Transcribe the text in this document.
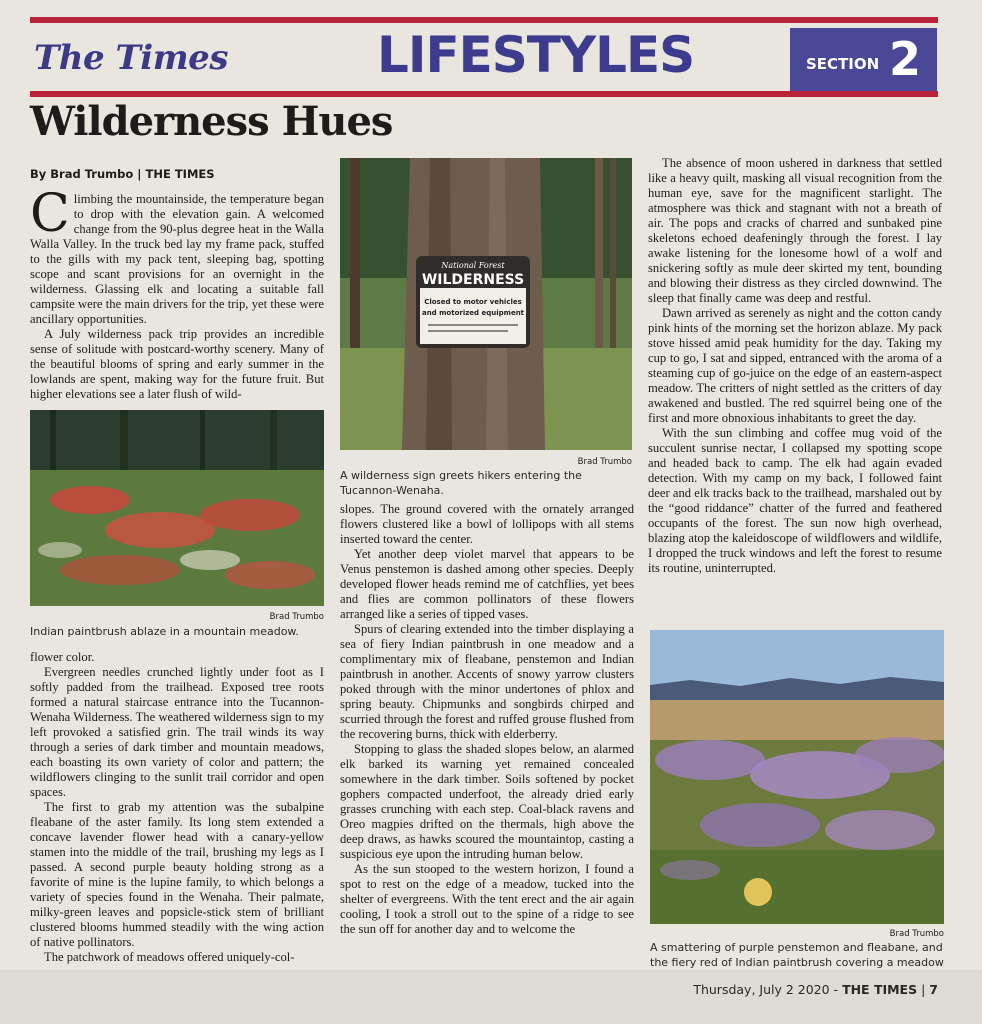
The Times	LIFESTYLES	SECTION 2
Wilderness Hues
By Brad Trumbo | THE TIMES

Climbing the mountainside, the temperature began to drop with the elevation gain. A welcomed change from the 90-plus degree heat in the Walla Walla Valley. In the truck bed lay my frame pack, stuffed to the gills with my pack tent, sleeping bag, spotting scope and scant provisions for an overnight in the wilderness. Glassing elk and locating a suitable fall campsite were the main drivers for the trip, yet these were ancillary opportunities.

A July wilderness pack trip provides an incredible sense of solitude with postcard-worthy scenery. Many of the beautiful blooms of spring and early summer in the lowlands are spent, making way for the future fruit. But higher elevations see a later flush of wild-

Brad Trumbo
Indian paintbrush ablaze in a mountain meadow.

flower color.

Evergreen needles crunched lightly under foot as I softly padded from the trailhead. Exposed tree roots formed a natural staircase entrance into the Tucannon-Wenaha Wilderness. The weathered wilderness sign to my left provoked a satisfied grin. The trail winds its way through a series of dark timber and mountain meadows, each boasting its own variety of color and pattern; the wildflowers clinging to the sunlit trail corridor and open spaces.

The first to grab my attention was the subalpine fleabane of the aster family. Its long stem extended a concave lavender flower head with a canary-yellow stamen into the middle of the trail, brushing my legs as I passed. A second purple beauty holding strong as a favorite of mine is the lupine family, to which belongs a variety of species found in the Wenaha. Their palmate, milky-green leaves and popsicle-stick stem of brilliant clustered blooms hummed steadily with the wing action of native pollinators.

The patchwork of meadows offered uniquely-col-

National Forest
WILDERNESS
Closed to motor vehicles
and motorized equipment
Brad Trumbo
A wilderness sign greets hikers entering the Tucannon-Wenaha.

slopes. The ground covered with the ornately arranged flowers clustered like a bowl of lollipops with all stems inserted toward the center.

Yet another deep violet marvel that appears to be Venus penstemon is dashed among other species. Deeply developed flower heads remind me of catchflies, yet bees and flies are common pollinators of these flowers arranged like a series of tipped vases.

Spurs of clearing extended into the timber displaying a sea of fiery Indian paintbrush in one meadow and a complimentary mix of fleabane, penstemon and Indian paintbrush in another. Accents of snowy yarrow clusters poked through with the minor undertones of phlox and spring beauty. Chipmunks and songbirds chirped and scurried through the forest and ruffed grouse flushed from the recovering burns, thick with elderberry.

Stopping to glass the shaded slopes below, an alarmed elk barked its warning yet remained concealed somewhere in the dark timber. Soils softened by pocket gophers compacted underfoot, the already dried early grasses crunching with each step. Coal-black ravens and Oreo magpies drifted on the thermals, high above the deep draws, as hawks scoured the mountaintop, casting a suspicious eye upon the intruding human below.

As the sun stooped to the western horizon, I found a spot to rest on the edge of a meadow, tucked into the shelter of evergreens. With the tent erect and the air again cooling, I took a stroll out to the spine of a ridge to see the sun off for another day and to welcome the

The absence of moon ushered in darkness that settled like a heavy quilt, masking all visual recognition from the human eye, save for the magnificent starlight. The atmosphere was thick and stagnant with not a breath of air. The pops and cracks of charred and sunbaked pine skeletons echoed deafeningly through the forest. I lay awake listening for the lonesome howl of a wolf and snickering softly as mule deer skirted my tent, bounding and blowing their distress as they circled downwind. The sleep that finally came was deep and restful.

Dawn arrived as serenely as night and the cotton candy pink hints of the morning set the horizon ablaze. My pack stove hissed amid peak humidity for the day. Taking my cup to go, I sat and sipped, entranced with the aroma of a steaming cup of go-juice on the edge of an eastern-aspect meadow. The critters of night settled as the critters of day awakened and bustled. The red squirrel being one of the first and more obnoxious inhabitants to greet the day.

With the sun climbing and coffee mug void of the succulent sunrise nectar, I collapsed my spotting scope and headed back to camp. The elk had again evaded detection. With my camp on my back, I followed faint deer and elk tracks back to the trailhead, marshaled out by the “good riddance” chatter of the furred and feathered occupants of the forest. The sun now high overhead, blazing atop the kaleidoscope of wildflowers and wildlife, I dropped the truck windows and left the forest to resume its routine, uninterrupted.

Brad Trumbo
A smattering of purple penstemon and fleabane, and the fiery red of Indian paintbrush covering a meadow
Thursday, July 2 2020 - THE TIMES | 7
